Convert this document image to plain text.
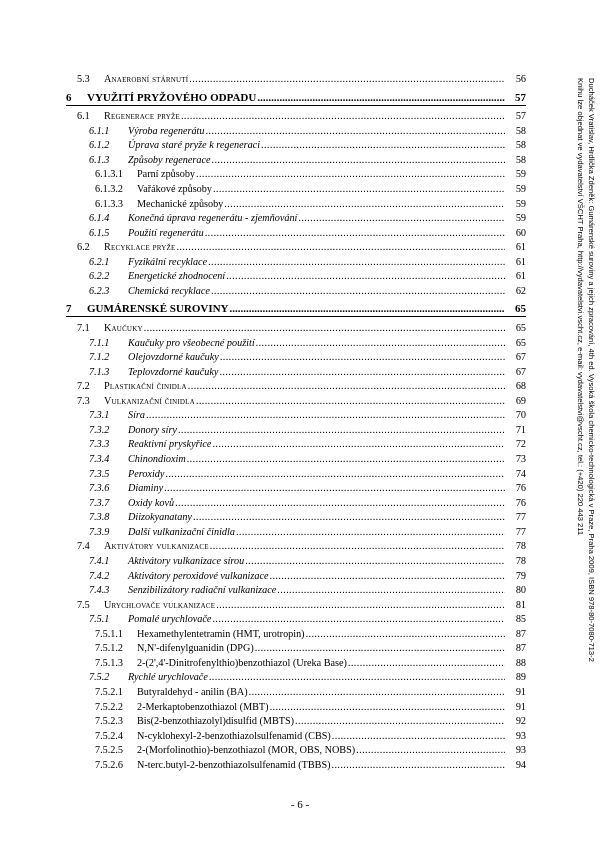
5.3 Anaerobní stárnutí .....	56
6 VYUŽITÍ PRYŽOVÉHO ODPADU .....	57
6.1 Regenerace pryže .....	57
6.1.1 Výroba regenerátu .....	58
6.1.2 Úprava staré pryže k regeneraci .....	58
6.1.3 Způsoby regenerace .....	58
6.1.3.1 Parní způsoby .....	59
6.1.3.2 Vařákové způsoby .....	59
6.1.3.3 Mechanické způsoby .....	59
6.1.4 Konečná úprava regenerátu - zjemňování .....	59
6.1.5 Použití regenerátu .....	60
6.2 Recyklace pryže .....	61
6.2.1 Fyzikální recyklace .....	61
6.2.2 Energetické zhodnocení .....	61
6.2.3 Chemická recyklace .....	62
7 GUMÁRENSKÉ SUROVINY .....	65
7.1 Kaučuky .....	65
7.1.1 Kaučuky pro všeobecné použití .....	65
7.1.2 Olejovzdorné kaučuky .....	67
7.1.3 Teplovzdorné kaučuky .....	67
7.2 Plastikační činidla .....	68
7.3 Vulkanizační činidla .....	69
7.3.1 Síra .....	70
7.3.2 Donory síry .....	71
7.3.3 Reaktivní pryskyřice .....	72
7.3.4 Chinondioxim .....	73
7.3.5 Peroxidy .....	74
7.3.6 Diaminy .....	76
7.3.7 Oxidy kovů .....	76
7.3.8 Diizokyanatany .....	77
7.3.9 Další vulkanizační činidla .....	77
7.4 Aktivátory vulkanizace .....	78
7.4.1 Aktivátory vulkanizace sírou .....	78
7.4.2 Aktivátory peroxidové vulkanizace .....	79
7.4.3 Senzibilizátory radiační vulkanizace .....	80
7.5 Urychlovače vulkanizace .....	81
7.5.1 Pomalé urychlovače .....	85
7.5.1.1 Hexamethylentetramin (HMT, urotropin) .....	87
7.5.1.2 N,N'-difenylguanidin (DPG) .....	87
7.5.1.3 2-(2',4'-Dinitrofenylthio)benzothiazol (Ureka Base) .....	88
7.5.2 Rychlé urychlovače .....	89
7.5.2.1 Butyraldehyd - anilin (BA) .....	91
7.5.2.2 2-Merkaptobenzothiazol (MBT) .....	91
7.5.2.3 Bis(2-benzothiazolyl)disulfid (MBTS) .....	92
7.5.2.4 N-cyklohexyl-2-benzothiazolsulfenamid (CBS) .....	93
7.5.2.5 2-(Morfolinothio)-benzothiazol (MOR, OBS, NOBS) .....	93
7.5.2.6 N-terc.butyl-2-benzothiazolsulfenamid (TBBS) .....	94
Ducháček Vratislav, Hrdlička Zdeněk: Gumárenské suroviny a jejich zpracování, 4th ed. Vysoká škola chemicko-technologická v Praze, Praha 2009, ISBN 978-80-7080-713-2
Knihu lze objednat ve vydavatelství VŠCHT Praha, http://vydavatelstvi.vscht.cz, e-mail: vydavatelstvi@vscht.cz, tel.: (+420) 220 443 211
- 6 -
